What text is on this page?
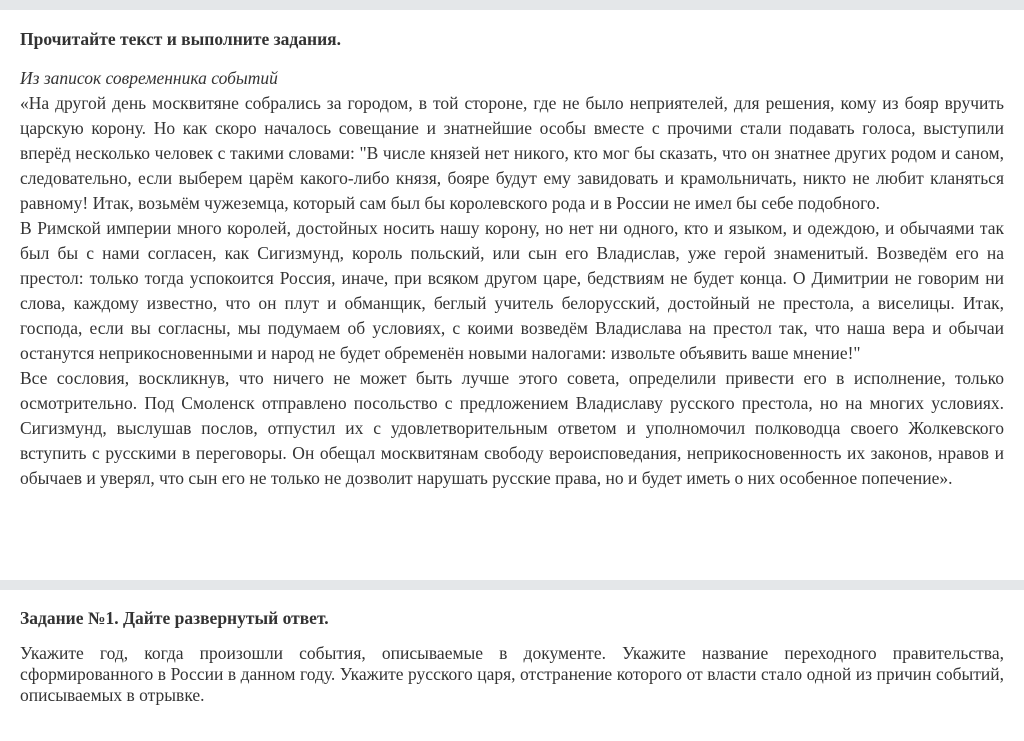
Прочитайте текст и выполните задания.

Из записок современника событий

«На другой день москвитяне собрались за городом, в той стороне, где не было неприятелей, для решения, кому из бояр вручить царскую корону. Но как скоро началось совещание и знатнейшие особы вместе с прочими стали подавать голоса, выступили вперёд несколько человек с такими словами: "В числе князей нет никого, кто мог бы сказать, что он знатнее других родом и саном, следовательно, если выберем царём какого-либо князя, бояре будут ему завидовать и крамольничать, никто не любит кланяться равному! Итак, возьмём чужеземца, который сам был бы королевского рода и в России не имел бы себе подобного.

В Римской империи много королей, достойных носить нашу корону, но нет ни одного, кто и языком, и одеждою, и обычаями так был бы с нами согласен, как Сигизмунд, король польский, или сын его Владислав, уже герой знаменитый. Возведём его на престол: только тогда успокоится Россия, иначе, при всяком другом царе, бедствиям не будет конца. О Димитрии не говорим ни слова, каждому известно, что он плут и обманщик, беглый учитель белорусский, достойный не престола, а виселицы. Итак, господа, если вы согласны, мы подумаем об условиях, с коими возведём Владислава на престол так, что наша вера и обычаи останутся неприкосновенными и народ не будет обременён новыми налогами: извольте объявить ваше мнение!"

Все сословия, воскликнув, что ничего не может быть лучше этого совета, определили привести его в исполнение, только осмотрительно. Под Смоленск отправлено посольство с предложением Владиславу русского престола, но на многих условиях. Сигизмунд, выслушав послов, отпустил их с удовлетворительным ответом и уполномочил полководца своего Жолкевского вступить с русскими в переговоры. Он обещал москвитянам свободу вероисповедания, неприкосновенность их законов, нравов и обычаев и уверял, что сын его не только не дозволит нарушать русские права, но и будет иметь о них особенное попечение».

Задание №1. Дайте развернутый ответ.

Укажите год, когда произошли события, описываемые в документе. Укажите название переходного правительства, сформированного в России в данном году. Укажите русского царя, отстранение которого от власти стало одной из причин событий, описываемых в отрывке.
